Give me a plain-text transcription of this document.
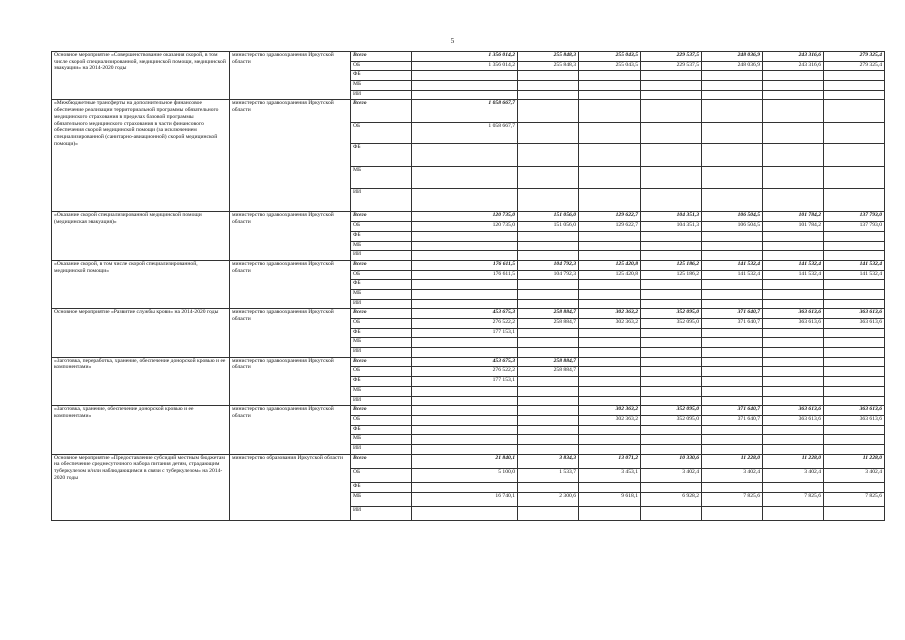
5
Основное мероприятие «Совершенствование оказания скорой, в том числе скорой специализированной, медицинской помощи, медицинской эвакуации» на 2014-2020 годы	министерство здравоохранения Иркутской области	Всего	1 356 014,2	255 848,3	255 043,5	229 537,5	248 036,9	243 316,6	279 325,4
		ОБ	1 356 014,2	255 848,3	255 043,5	229 537,5	248 036,9	243 316,6	279 325,4
		ФБ							
		МБ							
		ИИ							
«Межбюджетные трансферты на дополнительное финансовое обеспечение реализации территориальной программы обязательного медицинского страхования в пределах базовой программы обязательного медицинского страхования в части финансового обеспечения скорой медицинской помощи (за исключением специализированной (санитарно-авиационной) скорой медицинской помощи)»	министерство здравоохранения Иркутской области	Всего	1 058 667,7						
		ОБ	1 058 667,7						
		ФБ							
		МБ							
		ИИ							
«Оказание скорой специализированной медицинской помощи (медицинская эвакуация)»	министерство здравоохранения Иркутской области	Всего	120 735,0	151 056,0	129 622,7	104 351,3	106 504,5	101 784,2	137 793,0
		ОБ	120 735,0	151 056,0	129 622,7	104 351,3	106 504,5	101 784,2	137 793,0
		ФБ							
		МБ							
		ИИ							
«Оказание скорой, в том числе скорой специализированной, медицинской помощи»	министерство здравоохранения Иркутской области	Всего	176 611,5	104 792,3	125 420,8	125 186,2	141 532,4	141 532,4	141 532,4
		ОБ	176 611,5	104 792,3	125 420,8	125 186,2	141 532,4	141 532,4	141 532,4
		ФБ							
		МБ							
		ИИ							
Основное мероприятие «Развитие службы крови» на 2014-2020 годы	министерство здравоохранения Иркутской области	Всего	453 675,3	258 884,7	302 363,2	352 095,0	371 640,7	363 613,6	363 613,6
		ОБ	276 522,2	258 884,7	302 363,2	352 095,0	371 640,7	363 613,6	363 613,6
		ФБ	177 153,1						
		МБ							
		ИИ							
«Заготовка, переработка, хранение, обеспечение донорской кровью и ее компонентами»	министерство здравоохранения Иркутской области	Всего	453 675,3	258 884,7					
		ОБ	276 522,2	258 884,7					
		ФБ	177 153,1						
		МБ							
		ИИ							
«Заготовка, хранение, обеспечение донорской кровью и ее компонентами»	министерство здравоохранения Иркутской области	Всего			302 363,2	352 095,0	371 640,7	363 613,6	363 613,6
		ОБ			302 363,2	352 095,0	371 640,7	363 613,6	363 613,6
		ФБ							
		МБ							
		ИИ							
Основное мероприятие «Предоставление субсидий местным бюджетам на обеспечение среднесуточного набора питания детям, страдающим туберкулезом и/или наблюдающимся в связи с туберкулезом» на 2014-2020 годы	министерство образования Иркутской области	Всего	21 840,1	3 834,3	13 071,2	10 330,6	11 228,0	11 228,0	11 228,0
		ОБ	5 100,0	1 533,7	3 453,1	3 402,4	3 402,4	3 402,4	3 402,4
		ФБ							
		МБ	16 740,1	2 300,6	9 618,1	6 928,2	7 825,6	7 825,6	7 825,6
		ИИ							
